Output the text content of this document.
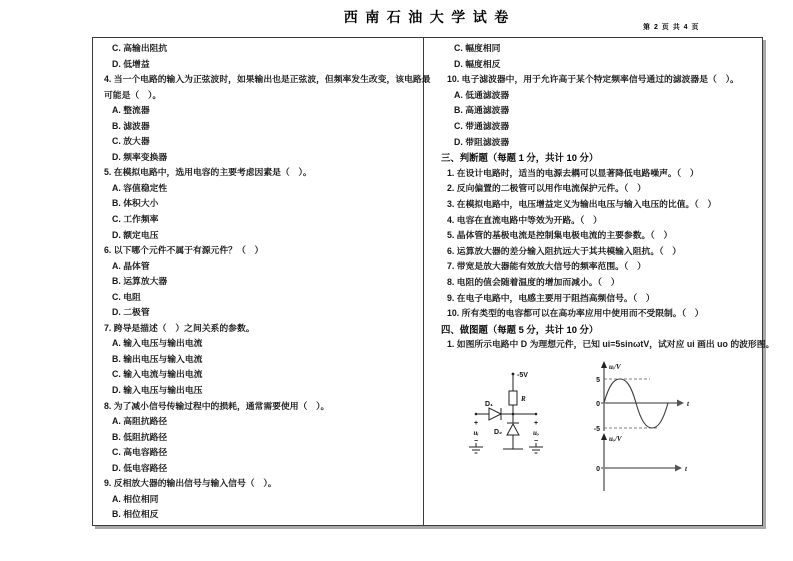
西 南 石 油 大 学 试 卷
第 2 页 共 4 页
C. 高输出阻抗
D. 低增益
4. 当一个电路的输入为正弦波时，如果输出也是正弦波，但频率发生改变，该电路最
可能是（　）。
A. 整流器
B. 滤波器
C. 放大器
D. 频率变换器
5. 在模拟电路中，选用电容的主要考虑因素是（　）。
A. 容值稳定性
B. 体积大小
C. 工作频率
D. 额定电压
6. 以下哪个元件不属于有源元件？（　）
A. 晶体管
B. 运算放大器
C. 电阻
D. 二极管
7. 跨导是描述（　）之间关系的参数。
A. 输入电压与输出电流
B. 输出电压与输入电流
C. 输入电流与输出电流
D. 输入电压与输出电压
8. 为了减小信号传输过程中的损耗，通常需要使用（　）。
A. 高阻抗路径
B. 低阻抗路径
C. 高电容路径
D. 低电容路径
9. 反相放大器的输出信号与输入信号（　）。
A. 相位相同
B. 相位相反
C. 幅度相同
D. 幅度相反
10. 电子滤波器中，用于允许高于某个特定频率信号通过的滤波器是（　）。
A. 低通滤波器
B. 高通滤波器
C. 带通滤波器
D. 带阻滤波器
三、判断题（每题 1 分，共计 10 分）
1. 在设计电路时，适当的电源去耦可以显著降低电路噪声。（　）
2. 反向偏置的二极管可以用作电流保护元件。（　）
3. 在模拟电路中，电压增益定义为输出电压与输入电压的比值。（　）
4. 电容在直流电路中等效为开路。（　）
5. 晶体管的基极电流是控制集电极电流的主要参数。（　）
6. 运算放大器的差分输入阻抗远大于其共模输入阻抗。（　）
7. 带宽是放大器能有效放大信号的频率范围。（　）
8. 电阻的值会随着温度的增加而减小。（　）
9. 在电子电路中，电感主要用于阻挡高频信号。（　）
10. 所有类型的电容都可以在高功率应用中使用而不受限制。（　）
四、做图题（每题 5 分，共计 10 分）
1. 如图所示电路中 D 为理想元件，已知 ui=5sinωtV，试对应 ui 画出 uo 的波形图。
-5V
R
D₁
D₂
+
uᵢ
−
+
uₒ
−
uᵢ/V
5
0
-5
t
uₒ/V
0	t
